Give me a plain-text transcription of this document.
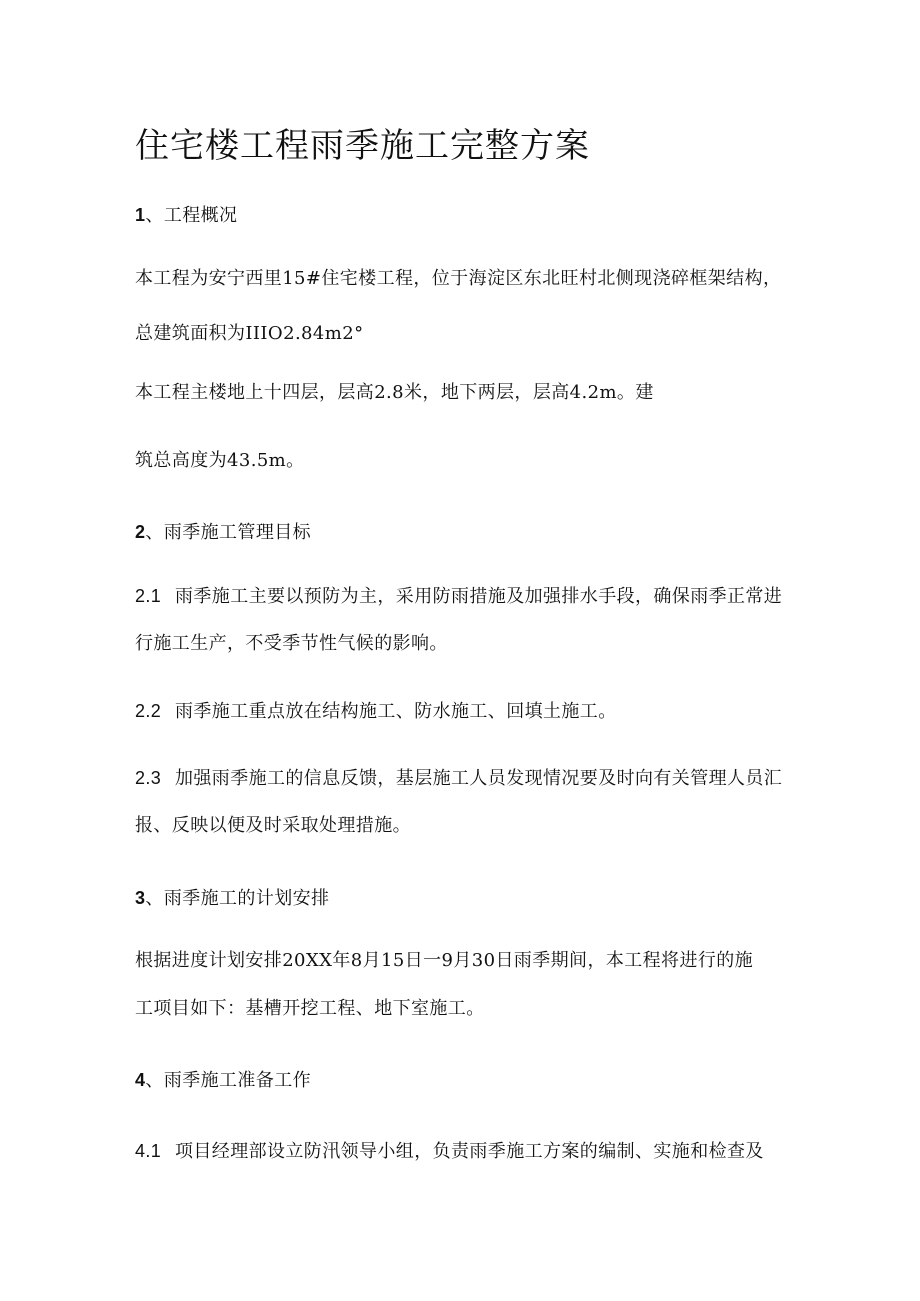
住宅楼工程雨季施工完整方案

1、工程概况

本工程为安宁西里15#住宅楼工程，位于海淀区东北旺村北侧现浇碎框架结构，

总建筑面积为IIIO2.84m2°

本工程主楼地上十四层，层高2.8米，地下两层，层高4.2m。建

筑总高度为43.5m。

2、雨季施工管理目标

2.1 雨季施工主要以预防为主，采用防雨措施及加强排水手段，确保雨季正常进

行施工生产，不受季节性气候的影响。

2.2 雨季施工重点放在结构施工、防水施工、回填土施工。

2.3 加强雨季施工的信息反馈，基层施工人员发现情况要及时向有关管理人员汇

报、反映以便及时采取处理措施。

3、雨季施工的计划安排

根据进度计划安排20XX年8月15日一9月30日雨季期间，本工程将进行的施

工项目如下：基槽开挖工程、地下室施工。

4、雨季施工准备工作

4.1 项目经理部设立防汛领导小组，负责雨季施工方案的编制、实施和检查及
